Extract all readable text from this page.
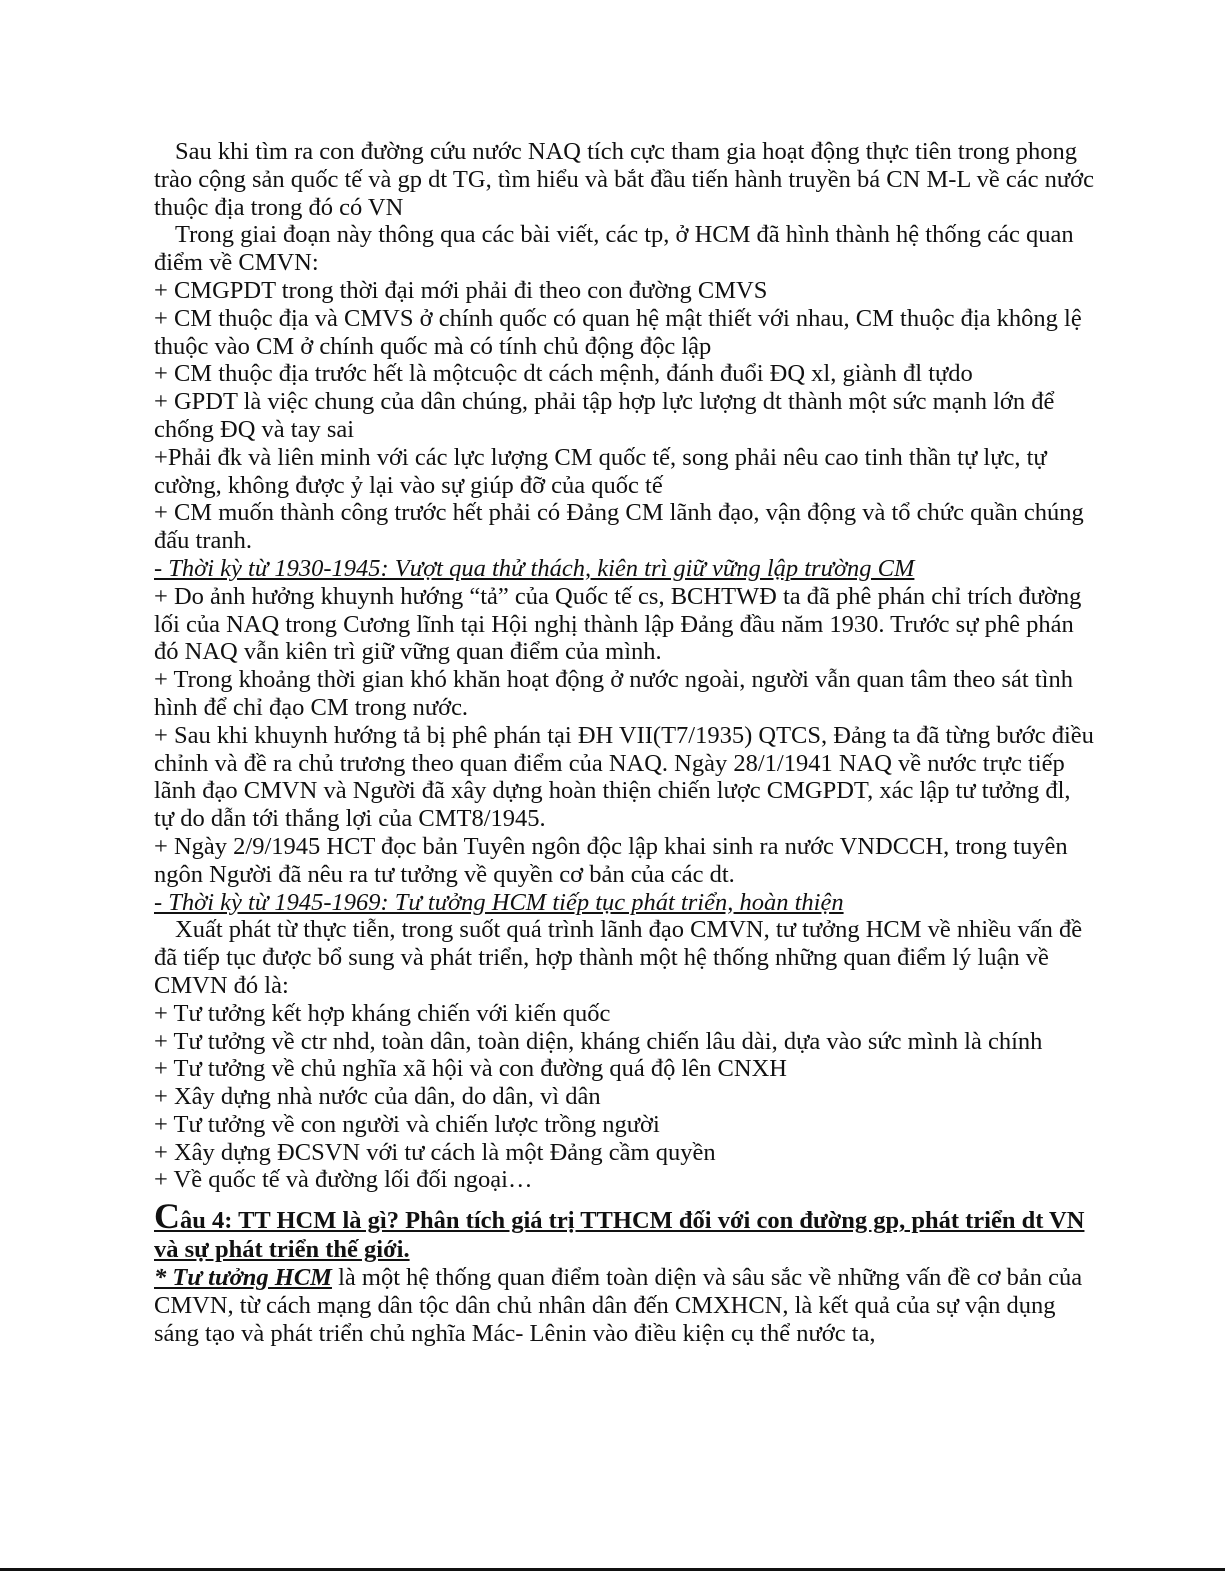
Sau khi tìm ra con đường cứu nước NAQ tích cực tham gia hoạt động thực tiên trong phong trào cộng sản quốc tế và gp dt TG, tìm hiểu và bắt đầu tiến hành truyền bá CN M-L về các nước thuộc địa trong đó có VN

Trong giai đoạn này thông qua các bài viết, các tp, ở HCM đã hình thành hệ thống các quan điểm về CMVN:

+ CMGPDT trong thời đại mới phải đi theo con đường CMVS

+ CM thuộc địa và CMVS ở chính quốc có quan hệ mật thiết với nhau, CM thuộc địa không lệ thuộc vào CM ở chính quốc mà có tính chủ động độc lập

+ CM thuộc địa trước hết là mộtcuộc dt cách mệnh, đánh đuổi ĐQ xl, giành đl tựdo

+ GPDT là việc chung của dân chúng, phải tập hợp lực lượng dt thành một sức mạnh lớn để chống ĐQ và tay sai

+Phải đk và liên minh với các lực lượng CM quốc tế, song phải nêu cao tinh thần tự lực, tự cường, không được ỷ lại vào sự giúp đỡ của quốc tế

+ CM muốn thành công trước hết phải có Đảng CM lãnh đạo, vận động và tổ chức quần chúng đấu tranh.

- Thời kỳ từ 1930-1945: Vượt qua thử thách, kiên trì giữ vững lập trường CM

+ Do ảnh hưởng khuynh hướng “tả” của Quốc tế cs, BCHTWĐ ta đã phê phán chỉ trích đường lối của NAQ trong Cương lĩnh tại Hội nghị thành lập Đảng đầu năm 1930. Trước sự phê phán đó NAQ vẫn kiên trì giữ vững quan điểm của mình.

+ Trong khoảng thời gian khó khăn hoạt động ở nước ngoài, người vẫn quan tâm theo sát tình hình để chỉ đạo CM trong nước.

+ Sau khi khuynh hướng tả bị phê phán tại ĐH VII(T7/1935) QTCS, Đảng ta đã từng bước điều chỉnh và đề ra chủ trương theo quan điểm của NAQ. Ngày 28/1/1941 NAQ về nước trực tiếp lãnh đạo CMVN và Người đã xây dựng hoàn thiện chiến lược CMGPDT, xác lập tư tưởng đl, tự do dẫn tới thắng lợi của CMT8/1945.

+ Ngày 2/9/1945 HCT đọc bản Tuyên ngôn độc lập khai sinh ra nước VNDCCH, trong tuyên ngôn Người đã nêu ra tư tưởng về quyền cơ bản của các dt.

- Thời kỳ từ 1945-1969: Tư tưởng HCM tiếp tục phát triển, hoàn thiện

Xuất phát từ thực tiễn, trong suốt quá trình lãnh đạo CMVN, tư tưởng HCM về nhiều vấn đề đã tiếp tục được bổ sung và phát triển, hợp thành một hệ thống những quan điểm lý luận về CMVN đó là:

+ Tư tưởng kết hợp kháng chiến với kiến quốc

+ Tư tưởng về ctr nhd, toàn dân, toàn diện, kháng chiến lâu dài, dựa vào sức mình là chính

+ Tư tưởng về chủ nghĩa xã hội và con đường quá độ lên CNXH

+ Xây dựng nhà nước của dân, do dân, vì dân

+ Tư tưởng về con người và chiến lược trồng người

+ Xây dựng ĐCSVN với tư cách là một Đảng cầm quyền

+ Về quốc tế và đường lối đối ngoại…

Câu 4: TT HCM là gì? Phân tích giá trị TTHCM đối với con đường gp, phát triển dt VN và sự phát triển thế giới.

* Tư tưởng HCM là một hệ thống quan điểm toàn diện và sâu sắc về những vấn đề cơ bản của CMVN, từ cách mạng dân tộc dân chủ nhân dân đến CMXHCN, là kết quả của sự vận dụng sáng tạo và phát triển chủ nghĩa Mác- Lênin vào điều kiện cụ thể nước ta,
